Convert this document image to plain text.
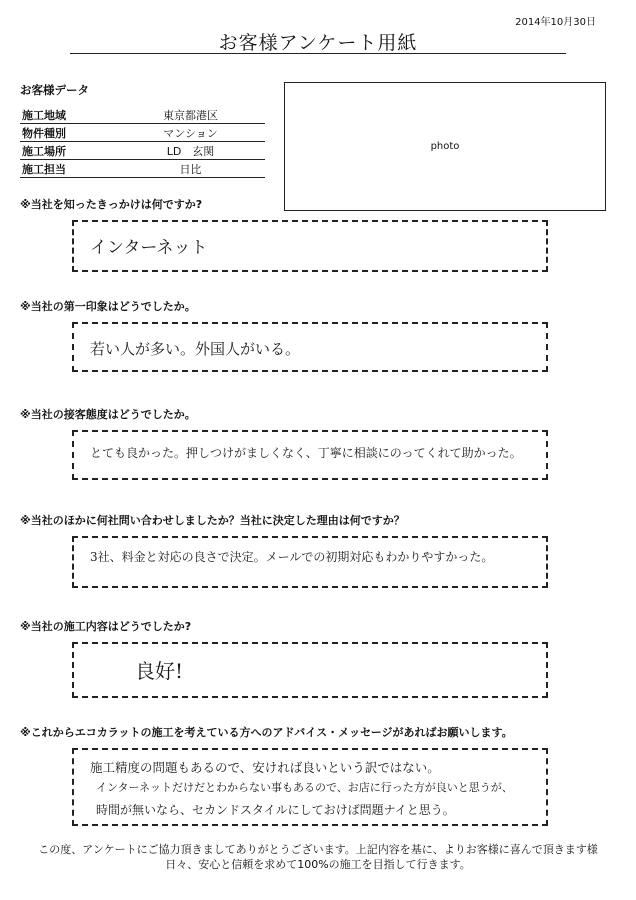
2014年10月30日
お客様アンケート用紙
お客様データ
施工地域	東京都港区
物件種別	マンション
施工場所	LD　玄関
施工担当	日比
photo
※当社を知ったきっかけは何ですか?
インターネット
※当社の第一印象はどうでしたか。
若い人が多い。外国人がいる。
※当社の接客態度はどうでしたか。
とても良かった。押しつけがましくなく、丁寧に相談にのってくれて助かった。
※当社のほかに何社問い合わせしましたか？当社に決定した理由は何ですか？
3社、料金と対応の良さで決定。メールでの初期対応もわかりやすかった。
※当社の施工内容はどうでしたか?
良好!
※これからエコカラットの施工を考えている方へのアドバイス・メッセージがあればお願いします。
施工精度の問題もあるので、安ければ良いという訳ではない。
インターネットだけだとわからない事もあるので、お店に行った方が良いと思うが、
時間が無いなら、セカンドスタイルにしておけば問題ナイと思う。
この度、アンケートにご協力頂きましてありがとうございます。上記内容を基に、よりお客様に喜んで頂きます様
日々、安心と信頼を求めて100%の施工を目指して行きます。
